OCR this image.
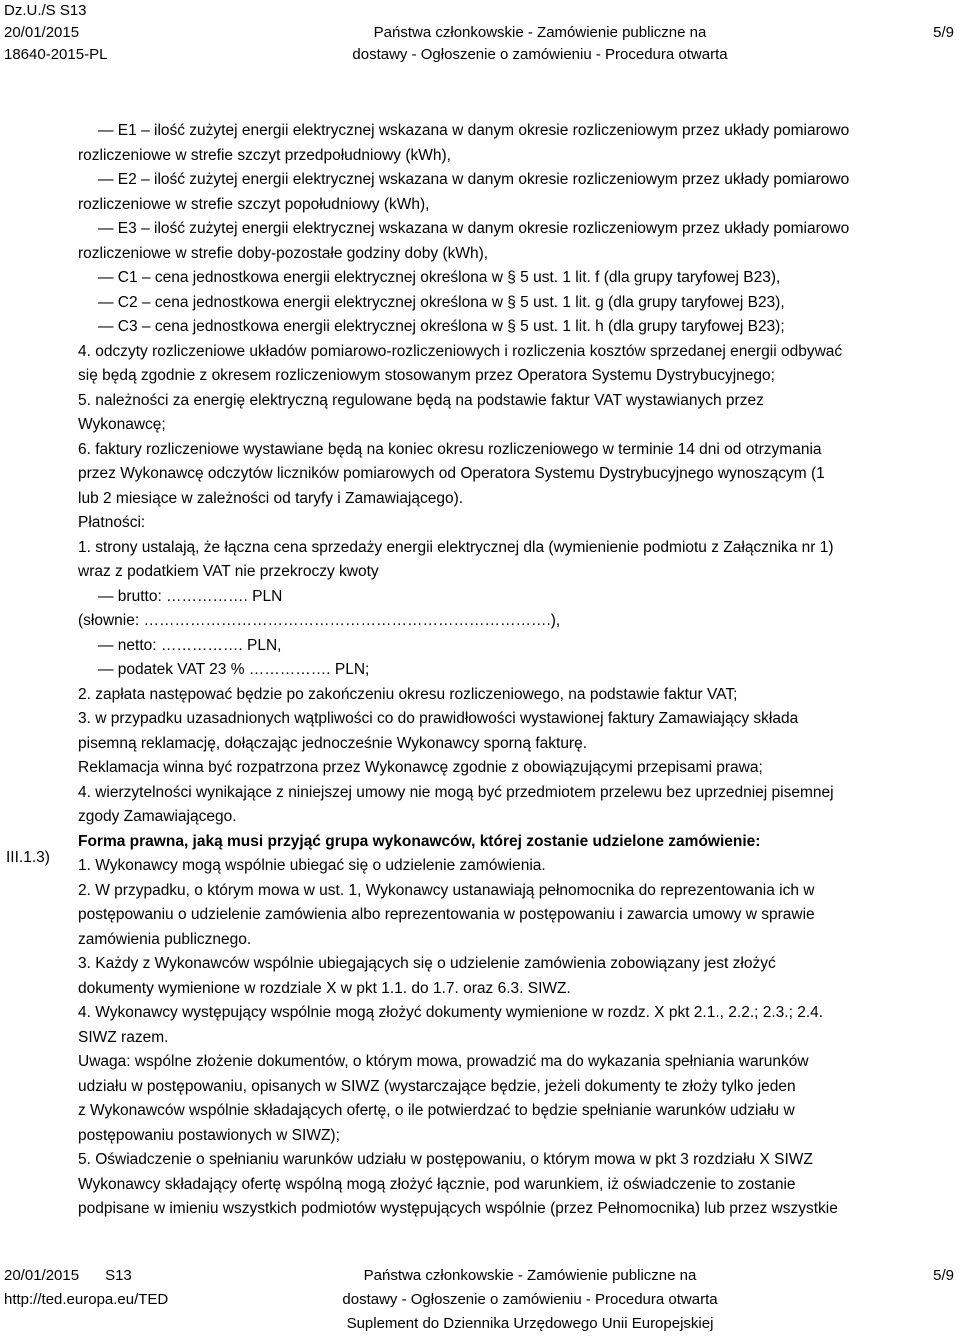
Dz.U./S S13
20/01/2015
18640-2015-PL
Państwa członkowskie - Zamówienie publiczne na
dostawy - Ogłoszenie o zamówieniu - Procedura otwarta
5/9
III.1.3)

— E1 – ilość zużytej energii elektrycznej wskazana w danym okresie rozliczeniowym przez układy pomiarowo

rozliczeniowe w strefie szczyt przedpołudniowy (kWh),

— E2 – ilość zużytej energii elektrycznej wskazana w danym okresie rozliczeniowym przez układy pomiarowo

rozliczeniowe w strefie szczyt popołudniowy (kWh),

— E3 – ilość zużytej energii elektrycznej wskazana w danym okresie rozliczeniowym przez układy pomiarowo

rozliczeniowe w strefie doby-pozostałe godziny doby (kWh),

— C1 – cena jednostkowa energii elektrycznej określona w § 5 ust. 1 lit. f (dla grupy taryfowej B23),

— C2 – cena jednostkowa energii elektrycznej określona w § 5 ust. 1 lit. g (dla grupy taryfowej B23),

— C3 – cena jednostkowa energii elektrycznej określona w § 5 ust. 1 lit. h (dla grupy taryfowej B23);

4. odczyty rozliczeniowe układów pomiarowo-rozliczeniowych i rozliczenia kosztów sprzedanej energii odbywać

się będą zgodnie z okresem rozliczeniowym stosowanym przez Operatora Systemu Dystrybucyjnego;

5. należności za energię elektryczną regulowane będą na podstawie faktur VAT wystawianych przez

Wykonawcę;

6. faktury rozliczeniowe wystawiane będą na koniec okresu rozliczeniowego w terminie 14 dni od otrzymania

przez Wykonawcę odczytów liczników pomiarowych od Operatora Systemu Dystrybucyjnego wynoszącym (1

lub 2 miesiące w zależności od taryfy i Zamawiającego).

Płatności:

1. strony ustalają, że łączna cena sprzedaży energii elektrycznej dla (wymienienie podmiotu z Załącznika nr 1)

wraz z podatkiem VAT nie przekroczy kwoty

— brutto: ……………. PLN

(słownie: …………………………………………………………………….),

— netto: ……………. PLN,

— podatek VAT 23 % ……………. PLN;

2. zapłata następować będzie po zakończeniu okresu rozliczeniowego, na podstawie faktur VAT;

3. w przypadku uzasadnionych wątpliwości co do prawidłowości wystawionej faktury Zamawiający składa

pisemną reklamację, dołączając jednocześnie Wykonawcy sporną fakturę.

Reklamacja winna być rozpatrzona przez Wykonawcę zgodnie z obowiązującymi przepisami prawa;

4. wierzytelności wynikające z niniejszej umowy nie mogą być przedmiotem przelewu bez uprzedniej pisemnej

zgody Zamawiającego.

Forma prawna, jaką musi przyjąć grupa wykonawców, której zostanie udzielone zamówienie:

1. Wykonawcy mogą wspólnie ubiegać się o udzielenie zamówienia.

2. W przypadku, o którym mowa w ust. 1, Wykonawcy ustanawiają pełnomocnika do reprezentowania ich w

postępowaniu o udzielenie zamówienia albo reprezentowania w postępowaniu i zawarcia umowy w sprawie

zamówienia publicznego.

3. Każdy z Wykonawców wspólnie ubiegających się o udzielenie zamówienia zobowiązany jest złożyć

dokumenty wymienione w rozdziale X w pkt 1.1. do 1.7. oraz 6.3. SIWZ.

4. Wykonawcy występujący wspólnie mogą złożyć dokumenty wymienione w rozdz. X pkt 2.1., 2.2.; 2.3.; 2.4.

SIWZ razem.

Uwaga: wspólne złożenie dokumentów, o którym mowa, prowadzić ma do wykazania spełniania warunków

udziału w postępowaniu, opisanych w SIWZ (wystarczające będzie, jeżeli dokumenty te złoży tylko jeden

z Wykonawców wspólnie składających ofertę, o ile potwierdzać to będzie spełnianie warunków udziału w

postępowaniu postawionych w SIWZ);

5. Oświadczenie o spełnianiu warunków udziału w postępowaniu, o którym mowa w pkt 3 rozdziału X SIWZ

Wykonawcy składający ofertę wspólną mogą złożyć łącznie, pod warunkiem, iż oświadczenie to zostanie

podpisane w imieniu wszystkich podmiotów występujących wspólnie (przez Pełnomocnika) lub przez wszystkie

20/01/2015 S13
http://ted.europa.eu/TED
Państwa członkowskie - Zamówienie publiczne na
dostawy - Ogłoszenie o zamówieniu - Procedura otwarta
Suplement do Dziennika Urzędowego Unii Europejskiej
5/9
